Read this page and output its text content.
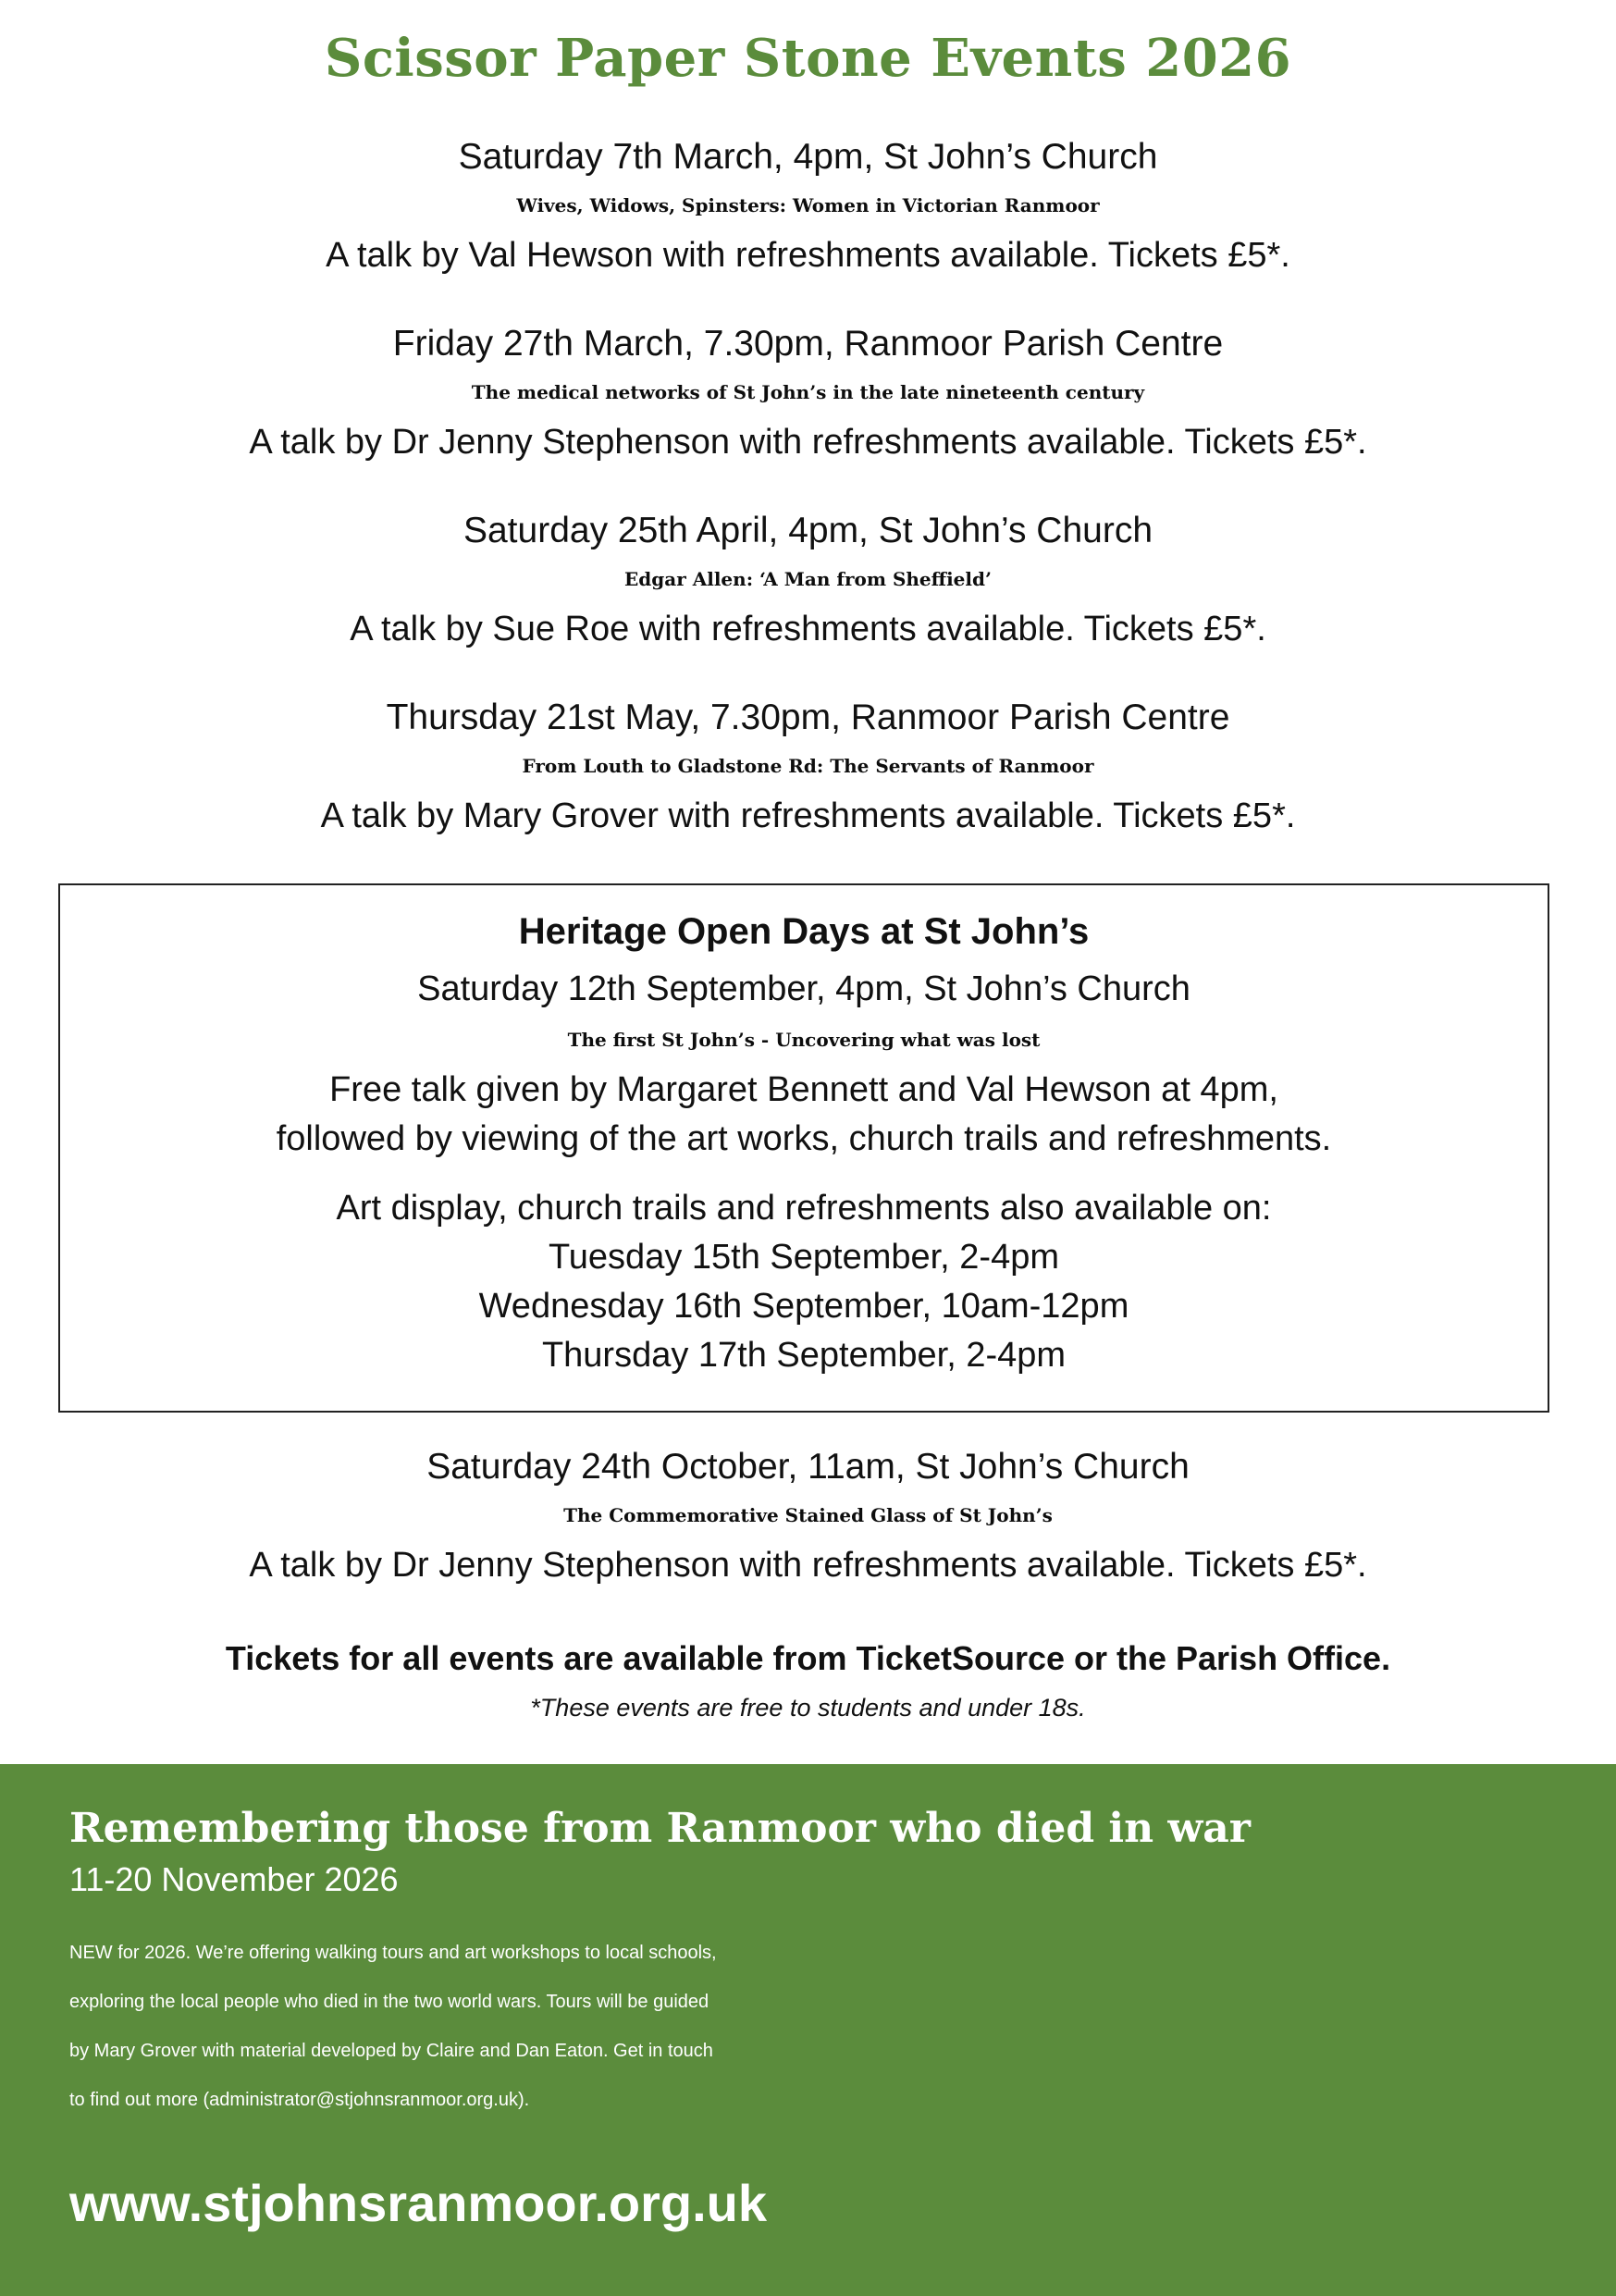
Scissor Paper Stone Events 2026
Saturday 7th March, 4pm, St John’s Church
Wives, Widows, Spinsters: Women in Victorian Ranmoor
A talk by Val Hewson with refreshments available. Tickets £5*.
Friday 27th March, 7.30pm, Ranmoor Parish Centre
The medical networks of St John’s in the late nineteenth century
A talk by Dr Jenny Stephenson with refreshments available. Tickets £5*.
Saturday 25th April, 4pm, St John’s Church
Edgar Allen: ‘A Man from Sheffield’
A talk by Sue Roe with refreshments available. Tickets £5*.
Thursday 21st May, 7.30pm, Ranmoor Parish Centre
From Louth to Gladstone Rd: The Servants of Ranmoor
A talk by Mary Grover with refreshments available. Tickets £5*.
Heritage Open Days at St John’s
Saturday 12th September, 4pm, St John’s Church
The first St John’s - Uncovering what was lost
Free talk given by Margaret Bennett and Val Hewson at 4pm,
followed by viewing of the art works, church trails and refreshments.
Art display, church trails and refreshments also available on:
Tuesday 15th September, 2-4pm
Wednesday 16th September, 10am-12pm
Thursday 17th September, 2-4pm
Saturday 24th October, 11am, St John’s Church
The Commemorative Stained Glass of St John’s
A talk by Dr Jenny Stephenson with refreshments available. Tickets £5*.
Tickets for all events are available from TicketSource or the Parish Office.
*These events are free to students and under 18s.
Remembering those from Ranmoor who died in war
11-20 November 2026
NEW for 2026. We’re offering walking tours and art workshops to local schools,
exploring the local people who died in the two world wars. Tours will be guided
by Mary Grover with material developed by Claire and Dan Eaton. Get in touch
to find out more (administrator@stjohnsranmoor.org.uk).
www.stjohnsranmoor.org.uk
